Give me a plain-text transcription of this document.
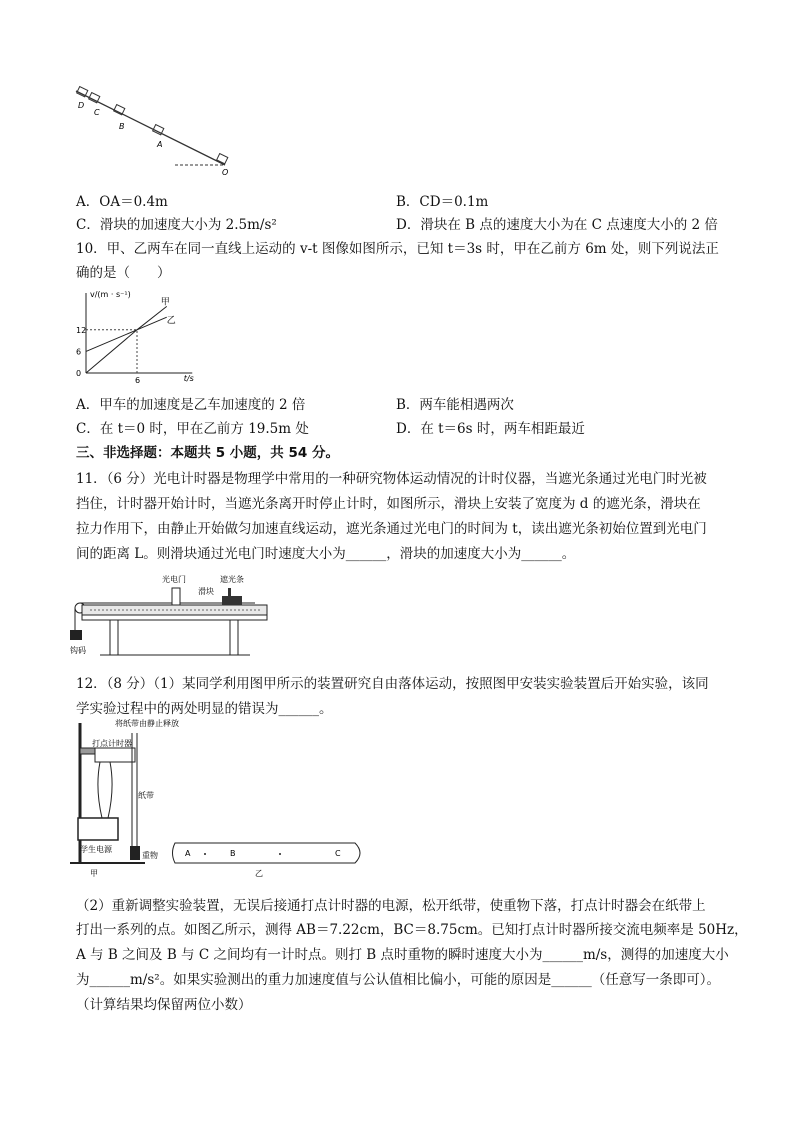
D
C
B
A
O
A．OA＝0.4m	B．CD＝0.1m
C．滑块的加速度大小为 2.5m/s²	D．滑块在 B 点的速度大小为在 C 点速度大小的 2 倍
10．甲、乙两车在同一直线上运动的 v-t 图像如图所示，已知 t＝3s 时，甲在乙前方 6m 处，则下列说法正
确的是（　　）
v/(m · s⁻¹)
t/s
12
6
0
6
甲
乙
A．甲车的加速度是乙车加速度的 2 倍	B．两车能相遇两次
C．在 t＝0 时，甲在乙前方 19.5m 处	D．在 t＝6s 时，两车相距最近
三、非选择题：本题共 5 小题，共 54 分。
11．（6 分）光电计时器是物理学中常用的一种研究物体运动情况的计时仪器，当遮光条通过光电门时光被
挡住，计时器开始计时，当遮光条离开时停止计时，如图所示，滑块上安装了宽度为 d 的遮光条，滑块在
拉力作用下，由静止开始做匀加速直线运动，遮光条通过光电门的时间为 t，读出遮光条初始位置到光电门
间的距离 L。则滑块通过光电门时速度大小为______，滑块的加速度大小为______。
光电门
滑块
遮光条
钩码
12．（8 分）（1）某同学利用图甲所示的装置研究自由落体运动，按照图甲安装实验装置后开始实验，该同
学实验过程中的两处明显的错误为______。
将纸带由静止释放
打点计时器
纸带
学生电源
重物
甲
A	B	C
乙
（2）重新调整实验装置，无误后接通打点计时器的电源，松开纸带，使重物下落，打点计时器会在纸带上
打出一系列的点。如图乙所示，测得 AB＝7.22cm，BC＝8.75cm。已知打点计时器所接交流电频率是 50Hz，
A 与 B 之间及 B 与 C 之间均有一计时点。则打 B 点时重物的瞬时速度大小为______m/s，测得的加速度大小
为______m/s²。如果实验测出的重力加速度值与公认值相比偏小，可能的原因是______（任意写一条即可）。
（计算结果均保留两位小数）
